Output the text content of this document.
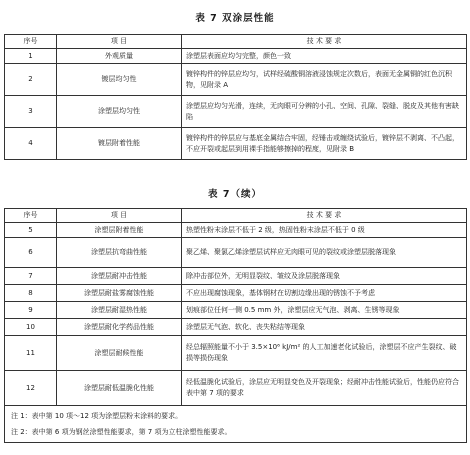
表 7 双涂层性能
序号	项 目	技 术 要 求
1	外观质量	涂塑层表面应均匀完整，颜色一致
2	镀层均匀性	镀锌构件的锌层应均匀，试样经硫酸铜溶液浸蚀规定次数后，表面无金属铜的红色沉积物，见附录 A
3	涂塑层均匀性	涂塑层应均匀光滑，连续，无肉眼可分辨的小孔、空间、孔隙、裂缝、脱皮及其他有害缺陷
4	镀层附着性能	镀锌构件的锌层应与基底金属结合牢固，经锤击或缠绕试验后，镀锌层不剥离、不凸起，不应开裂或起层到用裸手指能够擦掉的程度，见附录 B
表 7（续）
序号	项 目	技 术 要 求
5	涂塑层附着性能	热塑性粉末涂层不低于 2 级，热固性粉末涂层不低于 0 级
6	涂塑层抗弯曲性能	聚乙烯、聚氯乙烯涂塑层试样应无肉眼可见的裂纹或涂塑层脱落现象
7	涂塑层耐冲击性能	除冲击部位外，无明显裂纹、皱纹及涂层脱落现象
8	涂塑层耐盐雾腐蚀性能	不应出现腐蚀现象，基体钢材在切割边缘出现的锈蚀不予考虑
9	涂塑层耐湿热性能	划痕部位任何一侧 0.5 mm 外，涂塑层应无气泡、剥离、生锈等现象
10	涂塑层耐化学药品性能	涂塑层无气泡、软化、丧失粘结等现象
11	涂塑层耐候性能	经总辐照能量不小于 3.5×10⁶ kJ/m² 的人工加速老化试验后，涂塑层不应产生裂纹、破损等损伤现象
12	涂塑层耐低温脆化性能	经低温脆化试验后，涂层应无明显变色及开裂现象；经耐冲击性能试验后，性能仍应符合表中第 7 项的要求

注 1：表中第 10 项～12 项为涂塑层粉末涂料的要求。
注 2：表中第 6 项为钢丝涂塑性能要求，第 7 项为立柱涂塑性能要求。		
